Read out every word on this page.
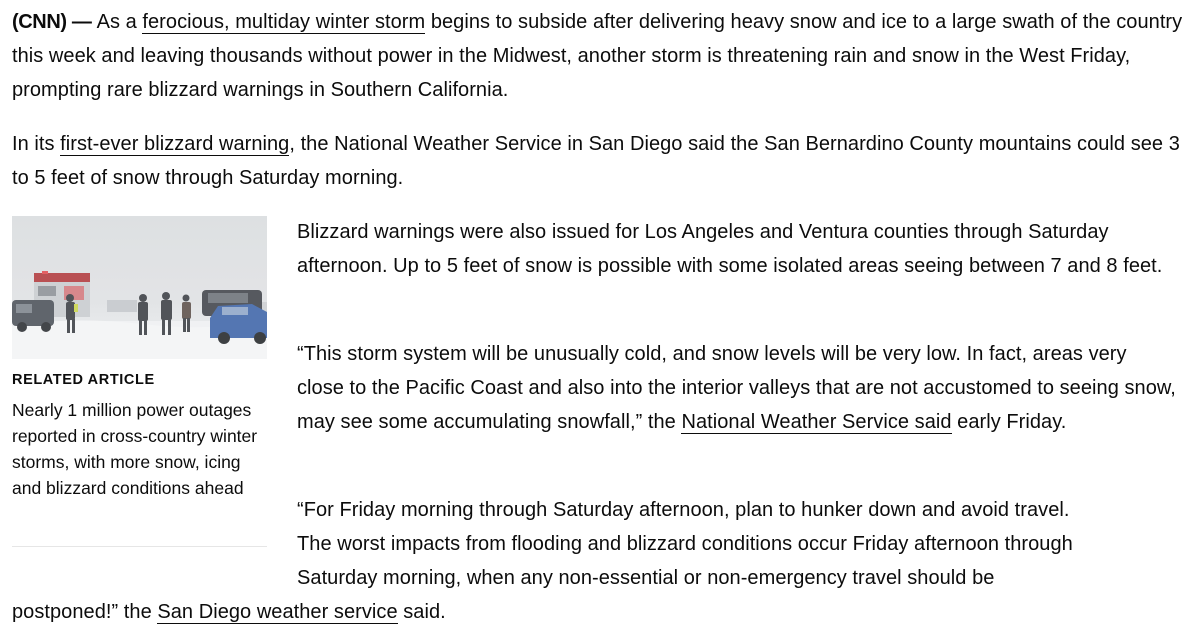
(CNN) — As a ferocious, multiday winter storm begins to subside after delivering heavy snow and ice to a large swath of the country this week and leaving thousands without power in the Midwest, another storm is threatening rain and snow in the West Friday, prompting rare blizzard warnings in Southern California.

In its first-ever blizzard warning, the National Weather Service in San Diego said the San Bernardino County mountains could see 3 to 5 feet of snow through Saturday morning.

RELATED ARTICLE

Nearly 1 million power outages reported in cross-country winter storms, with more snow, icing and blizzard conditions ahead

Blizzard warnings were also issued for Los Angeles and Ventura counties through Saturday afternoon. Up to 5 feet of snow is possible with some isolated areas seeing between 7 and 8 feet.

“This storm system will be unusually cold, and snow levels will be very low. In fact, areas very close to the Pacific Coast and also into the interior valleys that are not accustomed to seeing snow, may see some accumulating snowfall,” the National Weather Service said early Friday.

“For Friday morning through Saturday afternoon, plan to hunker down and avoid travel.
The worst impacts from flooding and blizzard conditions occur Friday afternoon through
Saturday morning, when any non-essential or non-emergency travel should be
postponed!” the San Diego weather service said.
